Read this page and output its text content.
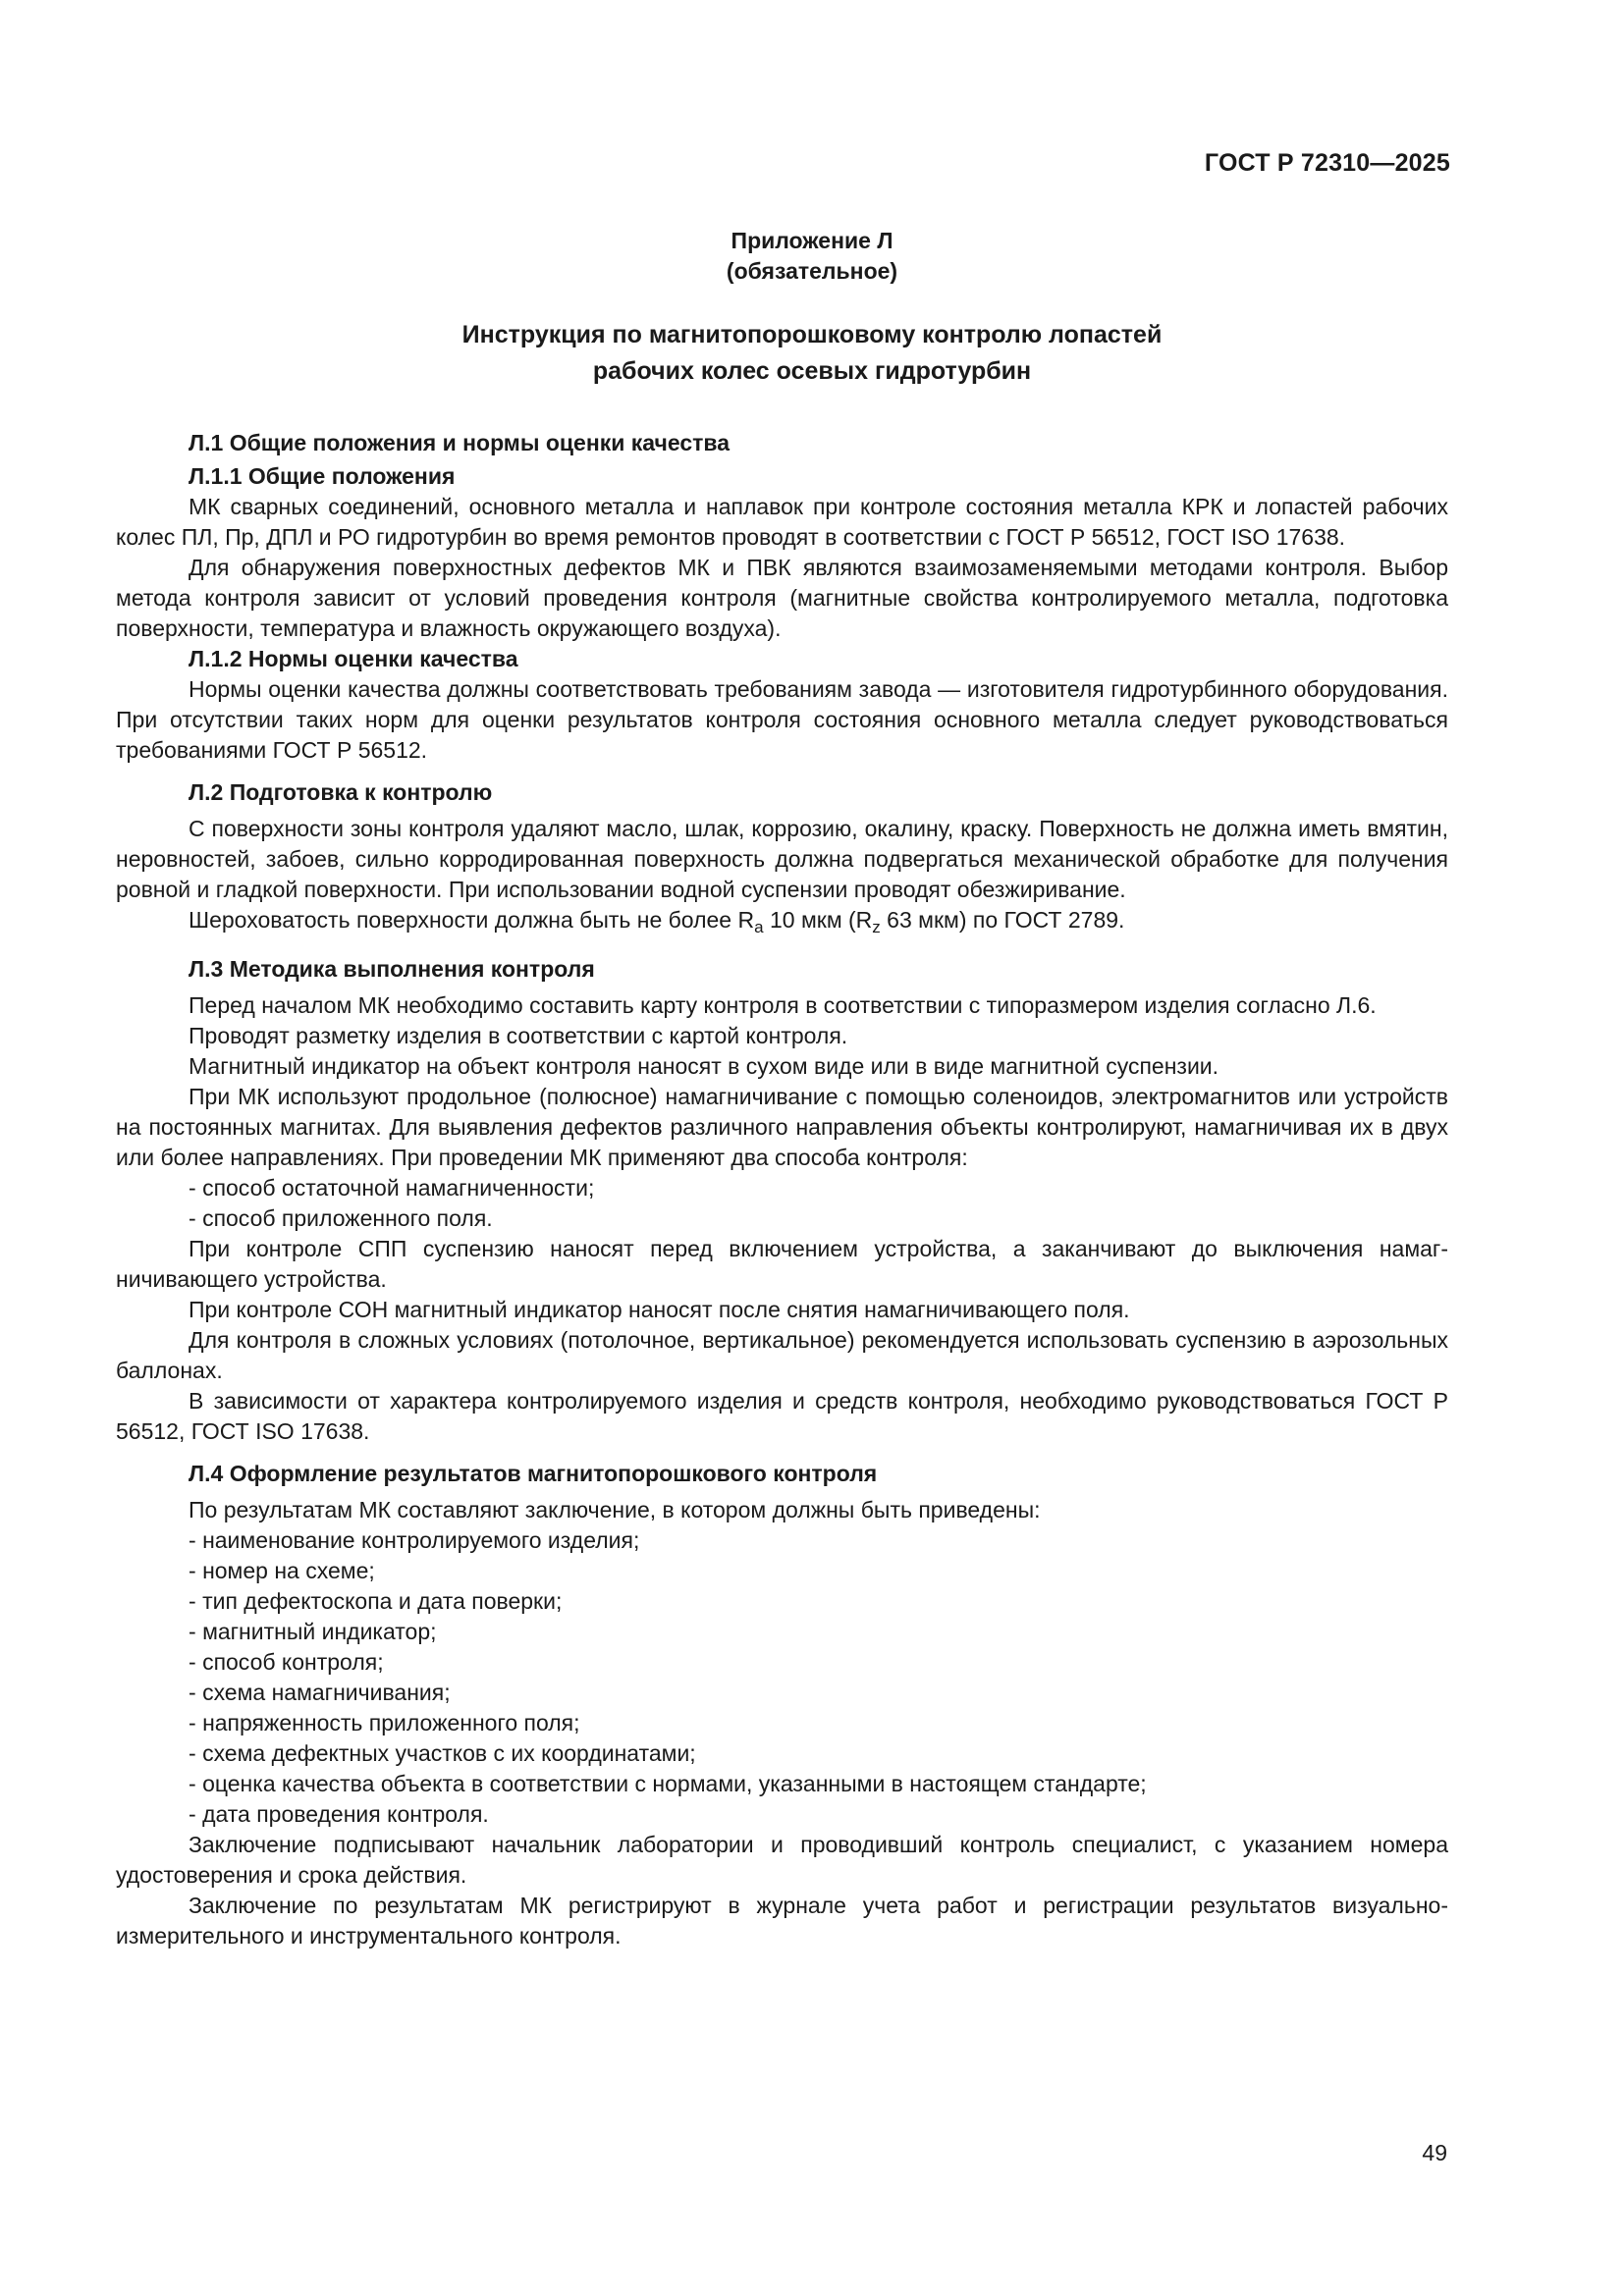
ГОСТ Р 72310—2025
Приложение Л
(обязательное)
Инструкция по магнитопорошковому контролю лопастей
рабочих колес осевых гидротурбин

Л.1 Общие положения и нормы оценки качества

Л.1.1 Общие положения

МК сварных соединений, основного металла и наплавок при контроле состояния металла КРК и лопастей рабочих колес ПЛ, Пр, ДПЛ и РО гидротурбин во время ремонтов проводят в соответствии с ГОСТ Р 56512, ГОСТ ISO 17638.

Для обнаружения поверхностных дефектов МК и ПВК являются взаимозаменяемыми методами контроля. Выбор метода контроля зависит от условий проведения контроля (магнитные свойства контролируемого металла, подготовка поверхности, температура и влажность окружающего воздуха).

Л.1.2 Нормы оценки качества

Нормы оценки качества должны соответствовать требованиям завода — изготовителя гидротурбинного оборудования. При отсутствии таких норм для оценки результатов контроля состояния основного металла следует руководствоваться требованиями ГОСТ Р 56512.

Л.2 Подготовка к контролю

С поверхности зоны контроля удаляют масло, шлак, коррозию, окалину, краску. Поверхность не должна иметь вмятин, неровностей, забоев, сильно корродированная поверхность должна подвергаться механической обработке для получения ровной и гладкой поверхности. При использовании водной суспензии проводят обезжиривание.

Шероховатость поверхности должна быть не более $R_a$ 10 мкм ($R_z$ 63 мкм) по ГОСТ 2789.

Л.3 Методика выполнения контроля

Перед началом МК необходимо составить карту контроля в соответствии с типоразмером изделия согласно Л.6.

Проводят разметку изделия в соответствии с картой контроля.

Магнитный индикатор на объект контроля наносят в сухом виде или в виде магнитной суспензии.

При МК используют продольное (полюсное) намагничивание с помощью соленоидов, электромагнитов или устройств на постоянных магнитах. Для выявления дефектов различного направления объекты контролируют, намагничивая их в двух или более направлениях. При проведении МК применяют два способа контроля:

- способ остаточной намагниченности;
- способ приложенного поля.

При контроле СПП суспензию наносят перед включением устройства, а заканчивают до выключения намагничивающего устройства.

При контроле СОН магнитный индикатор наносят после снятия намагничивающего поля.

Для контроля в сложных условиях (потолочное, вертикальное) рекомендуется использовать суспензию в аэрозольных баллонах.

В зависимости от характера контролируемого изделия и средств контроля, необходимо руководствоваться ГОСТ Р 56512, ГОСТ ISO 17638.

Л.4 Оформление результатов магнитопорошкового контроля

По результатам МК составляют заключение, в котором должны быть приведены:

- наименование контролируемого изделия;
- номер на схеме;
- тип дефектоскопа и дата поверки;
- магнитный индикатор;
- способ контроля;
- схема намагничивания;
- напряженность приложенного поля;
- схема дефектных участков с их координатами;
- оценка качества объекта в соответствии с нормами, указанными в настоящем стандарте;
- дата проведения контроля.

Заключение подписывают начальник лаборатории и проводивший контроль специалист, с указанием номера удостоверения и срока действия.

Заключение по результатам МК регистрируют в журнале учета работ и регистрации результатов визуально-измерительного и инструментального контроля.

49
